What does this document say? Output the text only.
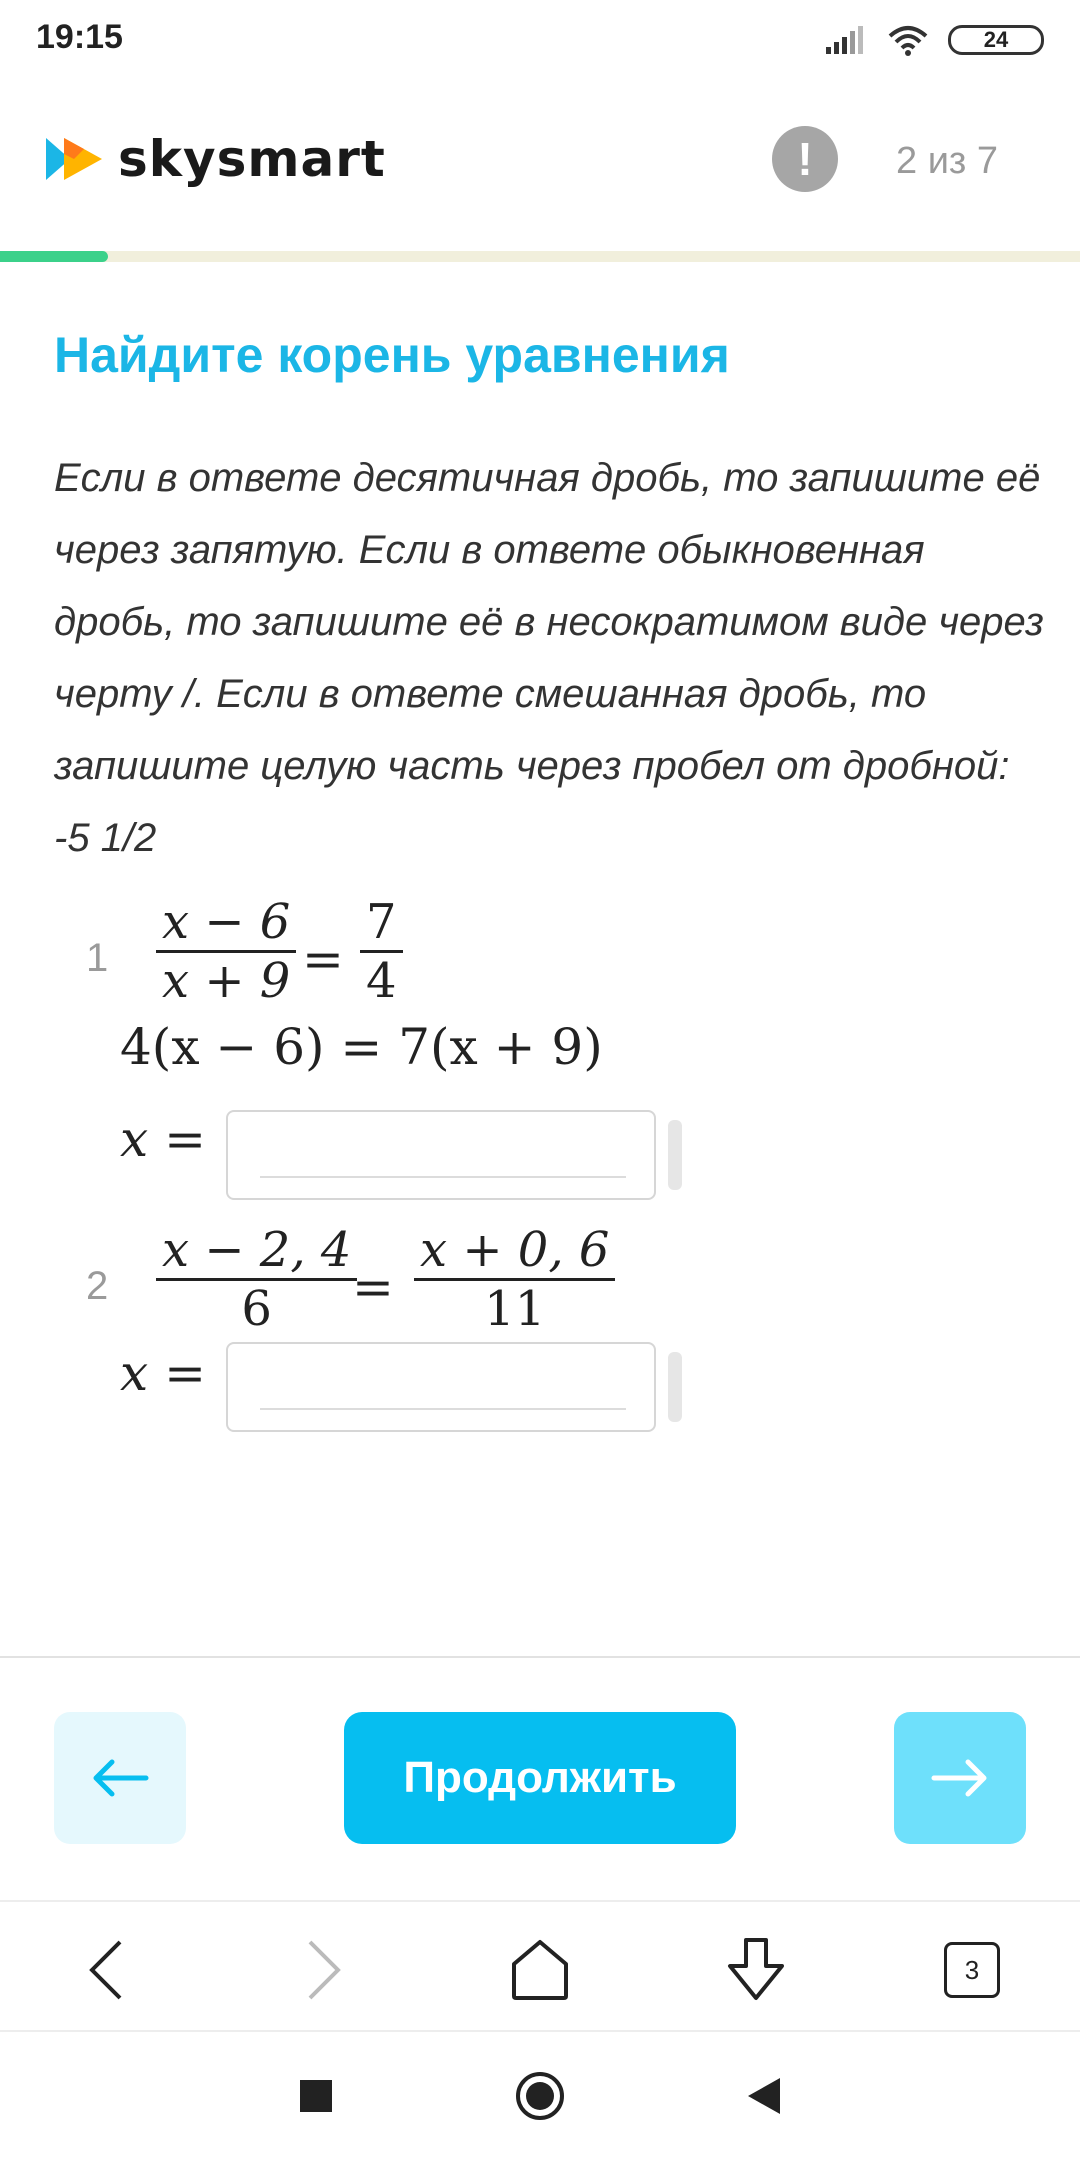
19:15	24
skysmart	! 2 из 7
Найдите корень уравнения
Если в ответе десятичная дробь, то запишите её через запятую. Если в ответе обыкновенная дробь, то запишите её в несократимом виде через черту /. Если в ответе смешанная дробь, то запишите целую часть через пробел от дробной: -5 1/2
1
x − 6
x + 9 =
7
4
4(x − 6) = 7(x + 9)
x =
2
x − 2, 4
6 =
x + 0, 6
11
x =
Продолжить
3
